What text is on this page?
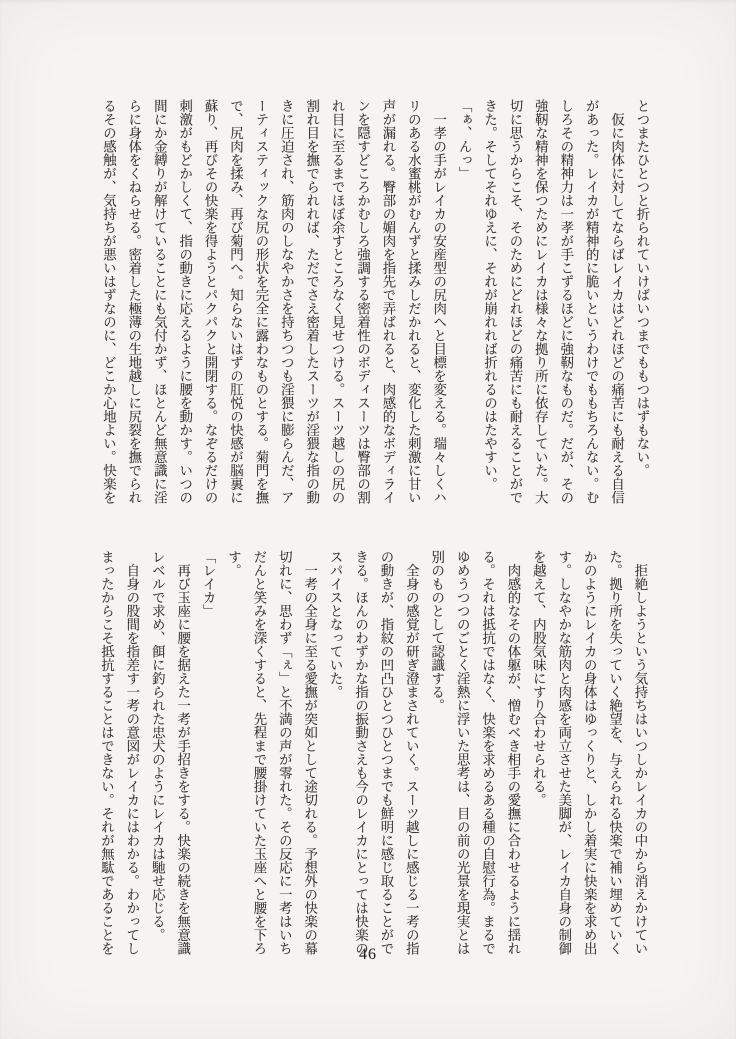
とつまたひとつと折られていけばいつまでももつはずもない。
　仮に肉体に対してならばレイカはどれほどの痛苦にも耐える自信
があった。レイカが精神的に脆いというわけでももちろんない。む
しろその精神力は一孝が手こずるほどに強靭なものだ。だが、その
強靭な精神を保つためにレイカは様々な拠り所に依存していた。大
切に思うからこそ、そのためにどれほどの痛苦にも耐えることがで
きた。そしてそれゆえに、それが崩れれば折れるのはたやすい。
「ぁ、んっ」
　一孝の手がレイカの安産型の尻肉へと目標を変える。瑞々しくハ
リのある水蜜桃がむんずと揉みしだかれると、変化した刺激に甘い
声が漏れる。臀部の媚肉を指先で弄ばれると、肉感的なボディライ
ンを隠すどころかむしろ強調する密着性のボディスーツは臀部の割
れ目に至るまでほぼ余すところなく見せつける。スーツ越しの尻の
割れ目を撫でられれば、ただでさえ密着したスーツが淫猥な指の動
きに圧迫され、筋肉のしなやかさを持ちつつも淫猥に膨らんだ、ア
ーティスティックな尻の形状を完全に露わなものとする。菊門を撫
で、尻肉を揉み、再び菊門へ。知らないはずの肛悦の快感が脳裏に
蘇り、再びその快楽を得ようとパクパクと開閉する。なぞるだけの
刺激がもどかしくて、指の動きに応えるように腰を動かす。いつの
間にか金縛りが解けていることにも気付かず、ほとんど無意識に淫
らに身体をくねらせる。密着した極薄の生地越しに尻裂を撫でられ
るその感触が、気持ちが悪いはずなのに、どこか心地よい。快楽を
　拒絶しようという気持ちはいつしかレイカの中から消えかけてい
た。拠り所を失っていく絶望を、与えられる快楽で補い埋めていく
かのようにレイカの身体はゆっくりと、しかし着実に快楽を求め出
す。しなやかな筋肉と肉感を両立させた美脚が、レイカ自身の制御
を越えて、内股気味にすり合わせられる。
　肉感的なその体躯が、憎むべき相手の愛撫に合わせるように揺れ
る。それは抵抗ではなく、快楽を求めるある種の自慰行為。まるで
ゆめうつつのごとく淫熱に浮いた思考は、目の前の光景を現実とは
別のものとして認識する。
　全身の感覚が研ぎ澄まされていく。スーツ越しに感じる一考の指
の動きが、指紋の凹凸ひとつひとつまでも鮮明に感じ取ることがで
きる。ほんのわずかな指の振動さえも今のレイカにとっては快楽の
スパイスとなっていた。
　一考の全身に至る愛撫が突如として途切れる。予想外の快楽の幕
切れに、思わず「ぇ」と不満の声が零れた。その反応に一考はいち
だんと笑みを深くすると、先程まで腰掛けていた玉座へと腰を下ろ
す。
「レイカ」
　再び玉座に腰を据えた一考が手招きをする。快楽の続きを無意識
レベルで求め、餌に釣られた忠犬のようにレイカは馳せ応じる。
　自身の股間を指差す一考の意図がレイカにはわかる。わかってし
まったからこそ抵抗することはできない。それが無駄であることを	46
